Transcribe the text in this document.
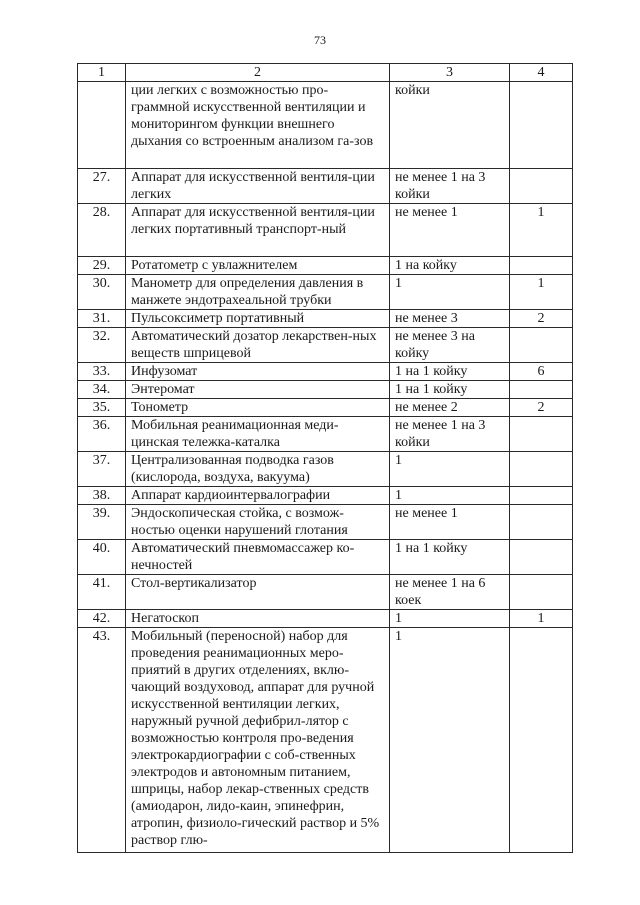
73
1	2	3	4
	ции легких с возможностью про-граммной искусственной вентиляции и мониторингом функции внешнего дыхания со встроенным анализом га-зов	койки	
27.	Аппарат для искусственной вентиля-ции легких	не менее 1 на 3 койки	
28.	Аппарат для искусственной вентиля-ции легких портативный транспорт-ный	не менее 1	1
29.	Ротатометр с увлажнителем	1 на койку	
30.	Манометр для определения давления в манжете эндотрахеальной трубки	1	1
31.	Пульсоксиметр портативный	не менее 3	2
32.	Автоматический дозатор лекарствен-ных веществ шприцевой	не менее 3 на койку	
33.	Инфузомат	1 на 1 койку	6
34.	Энтеромат	1 на 1 койку	
35.	Тонометр	не менее 2	2
36.	Мобильная реанимационная меди-цинская тележка-каталка	не менее 1 на 3 койки	
37.	Централизованная подводка газов (кислорода, воздуха, вакуума)	1	
38.	Аппарат кардиоинтервалографии	1	
39.	Эндоскопическая стойка, с возмож-ностью оценки нарушений глотания	не менее 1	
40.	Автоматический пневмомассажер ко-нечностей	1 на 1 койку	
41.	Стол-вертикализатор	не менее 1 на 6 коек	
42.	Негатоскоп	1	1
43.	Мобильный (переносной) набор для проведения реанимационных меро-приятий в других отделениях, вклю-чающий воздуховод, аппарат для ручной искусственной вентиляции легких, наружный ручной дефибрил-лятор с возможностью контроля про-ведения электрокардиографии с соб-ственных электродов и автономным питанием, шприцы, набор лекар-ственных средств (амиодарон, лидо-каин, эпинефрин, атропин, физиоло-гический раствор и 5% раствор глю-	1	
